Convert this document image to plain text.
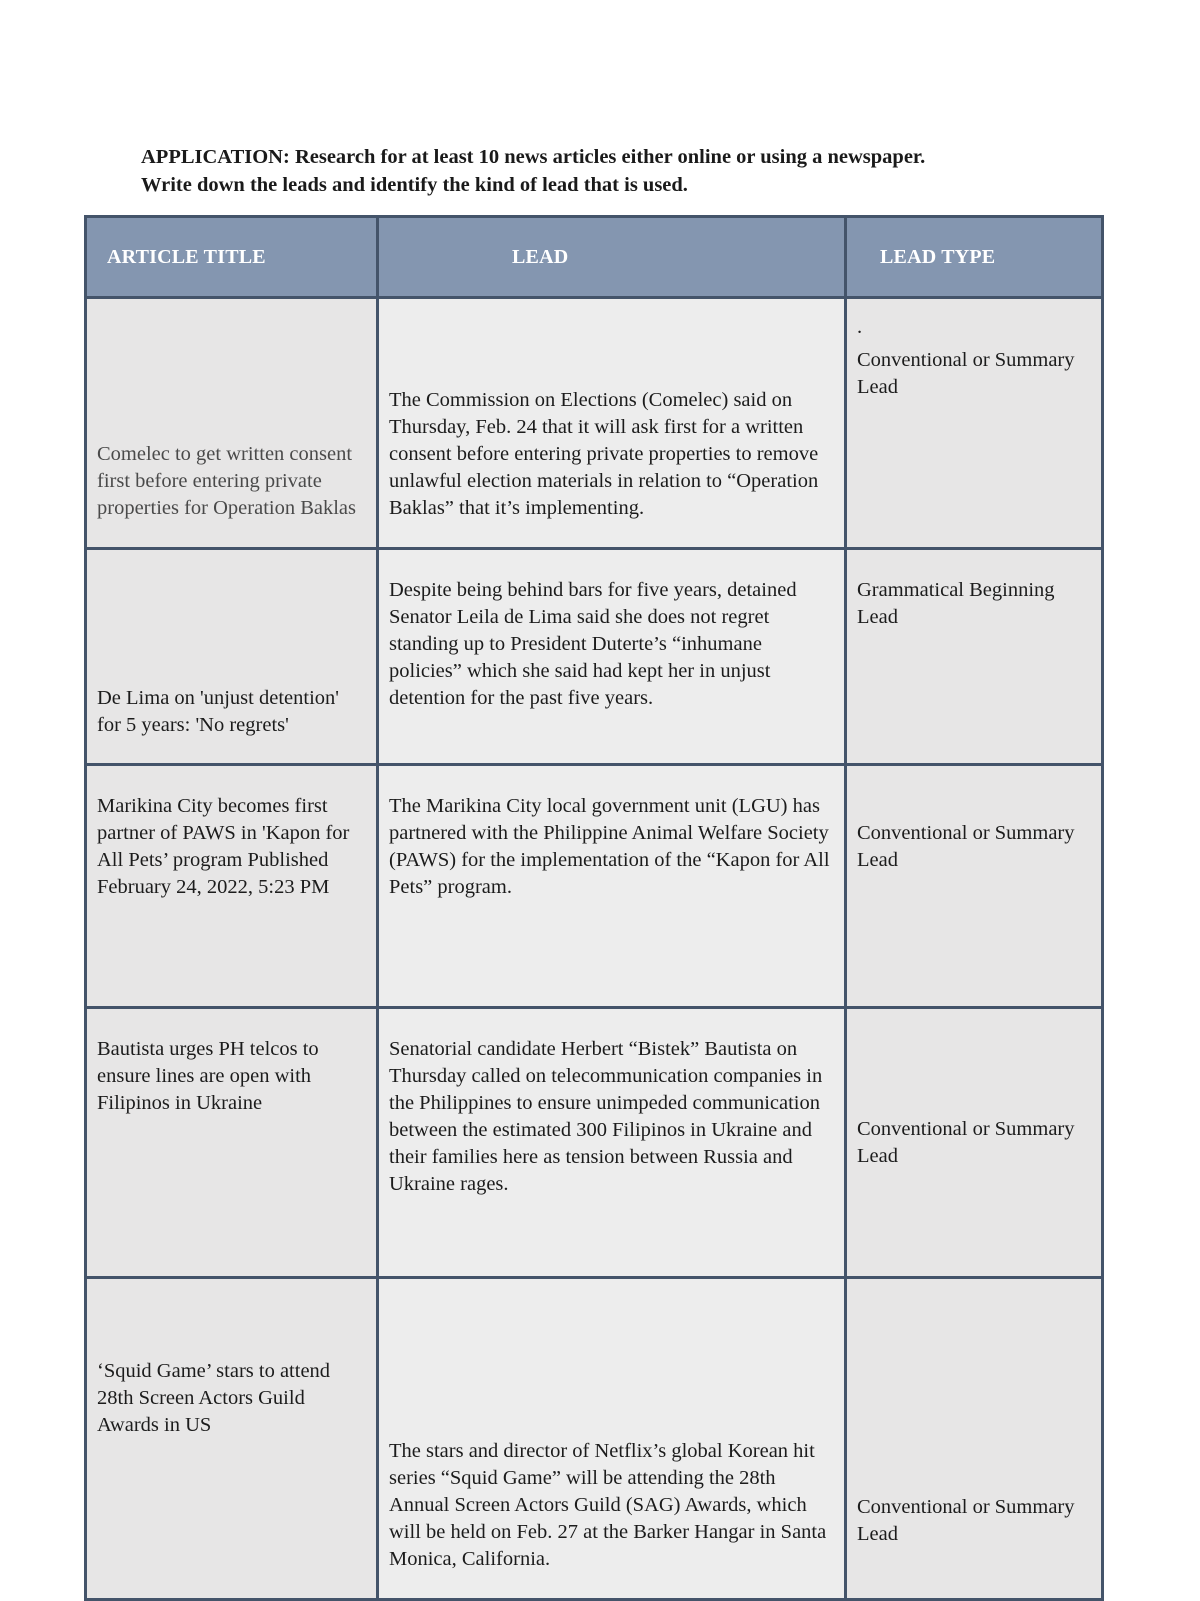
APPLICATION: Research for at least 10 news articles either online or using a newspaper.
Write down the leads and identify the kind of lead that is used.
ARTICLE TITLE	LEAD	LEAD TYPE

Comelec to get written consent first before entering private properties for Operation Baklas	The Commission on Elections (Comelec) said on Thursday, Feb. 24 that it will ask first for a written consent before entering private properties to remove unlawful election materials in relation to “Operation Baklas” that it’s implementing.	.
Conventional or Summary Lead

De Lima on 'unjust detention' for 5 years: 'No regrets'	Despite being behind bars for five years, detained Senator Leila de Lima said she does not regret standing up to President Duterte’s “inhumane policies” which she said had kept her in unjust detention for the past five years.	Grammatical Beginning Lead

Marikina City becomes first partner of PAWS in 'Kapon for All Pets’ program Published February 24, 2022, 5:23 PM	The Marikina City local government unit (LGU) has partnered with the Philippine Animal Welfare Society (PAWS) for the implementation of the “Kapon for All Pets” program.	Conventional or Summary Lead

Bautista urges PH telcos to ensure lines are open with Filipinos in Ukraine	Senatorial candidate Herbert “Bistek” Bautista on Thursday called on telecommunication companies in the Philippines to ensure unimpeded communication between the estimated 300 Filipinos in Ukraine and their families here as tension between Russia and Ukraine rages.	Conventional or Summary Lead

‘Squid Game’ stars to attend 28th Screen Actors Guild Awards in US	The stars and director of Netflix’s global Korean hit series “Squid Game” will be attending the 28th Annual Screen Actors Guild (SAG) Awards, which will be held on Feb. 27 at the Barker Hangar in Santa Monica, California.	Conventional or Summary Lead
